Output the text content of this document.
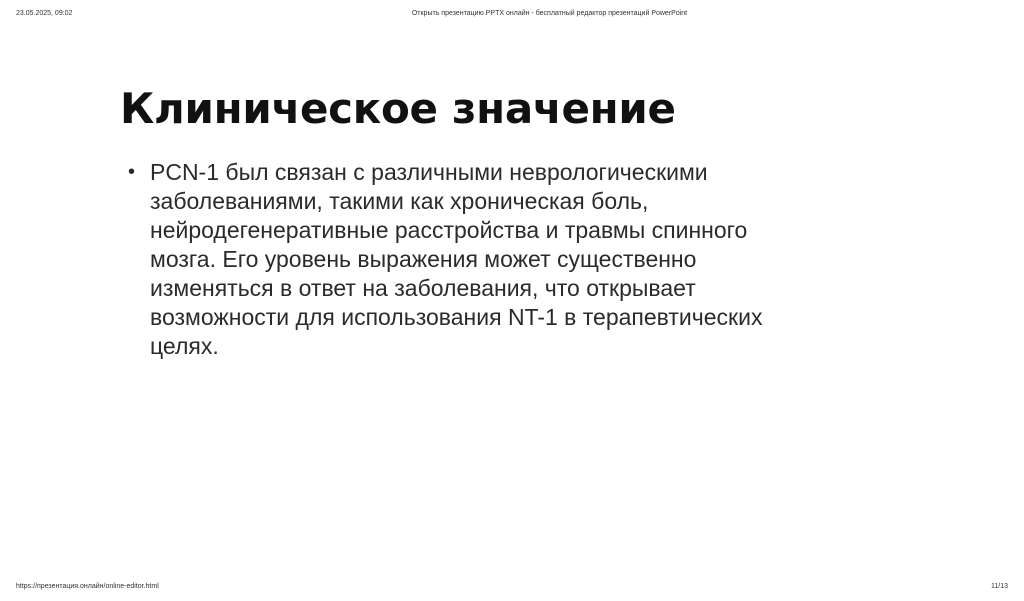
23.05.2025, 09:02	Открыть презентацию PPTX онлайн - бесплатный редактор презентаций PowerPoint
Клиническое значение
• PCN-1 был связан с различными неврологическими
заболеваниями, такими как хроническая боль,
нейродегенеративные расстройства и травмы спинного
мозга. Его уровень выражения может существенно
изменяться в ответ на заболевания, что открывает
возможности для использования NT-1 в терапевтических
целях.
https://презентация.онлайн/online-editor.html	11/13
